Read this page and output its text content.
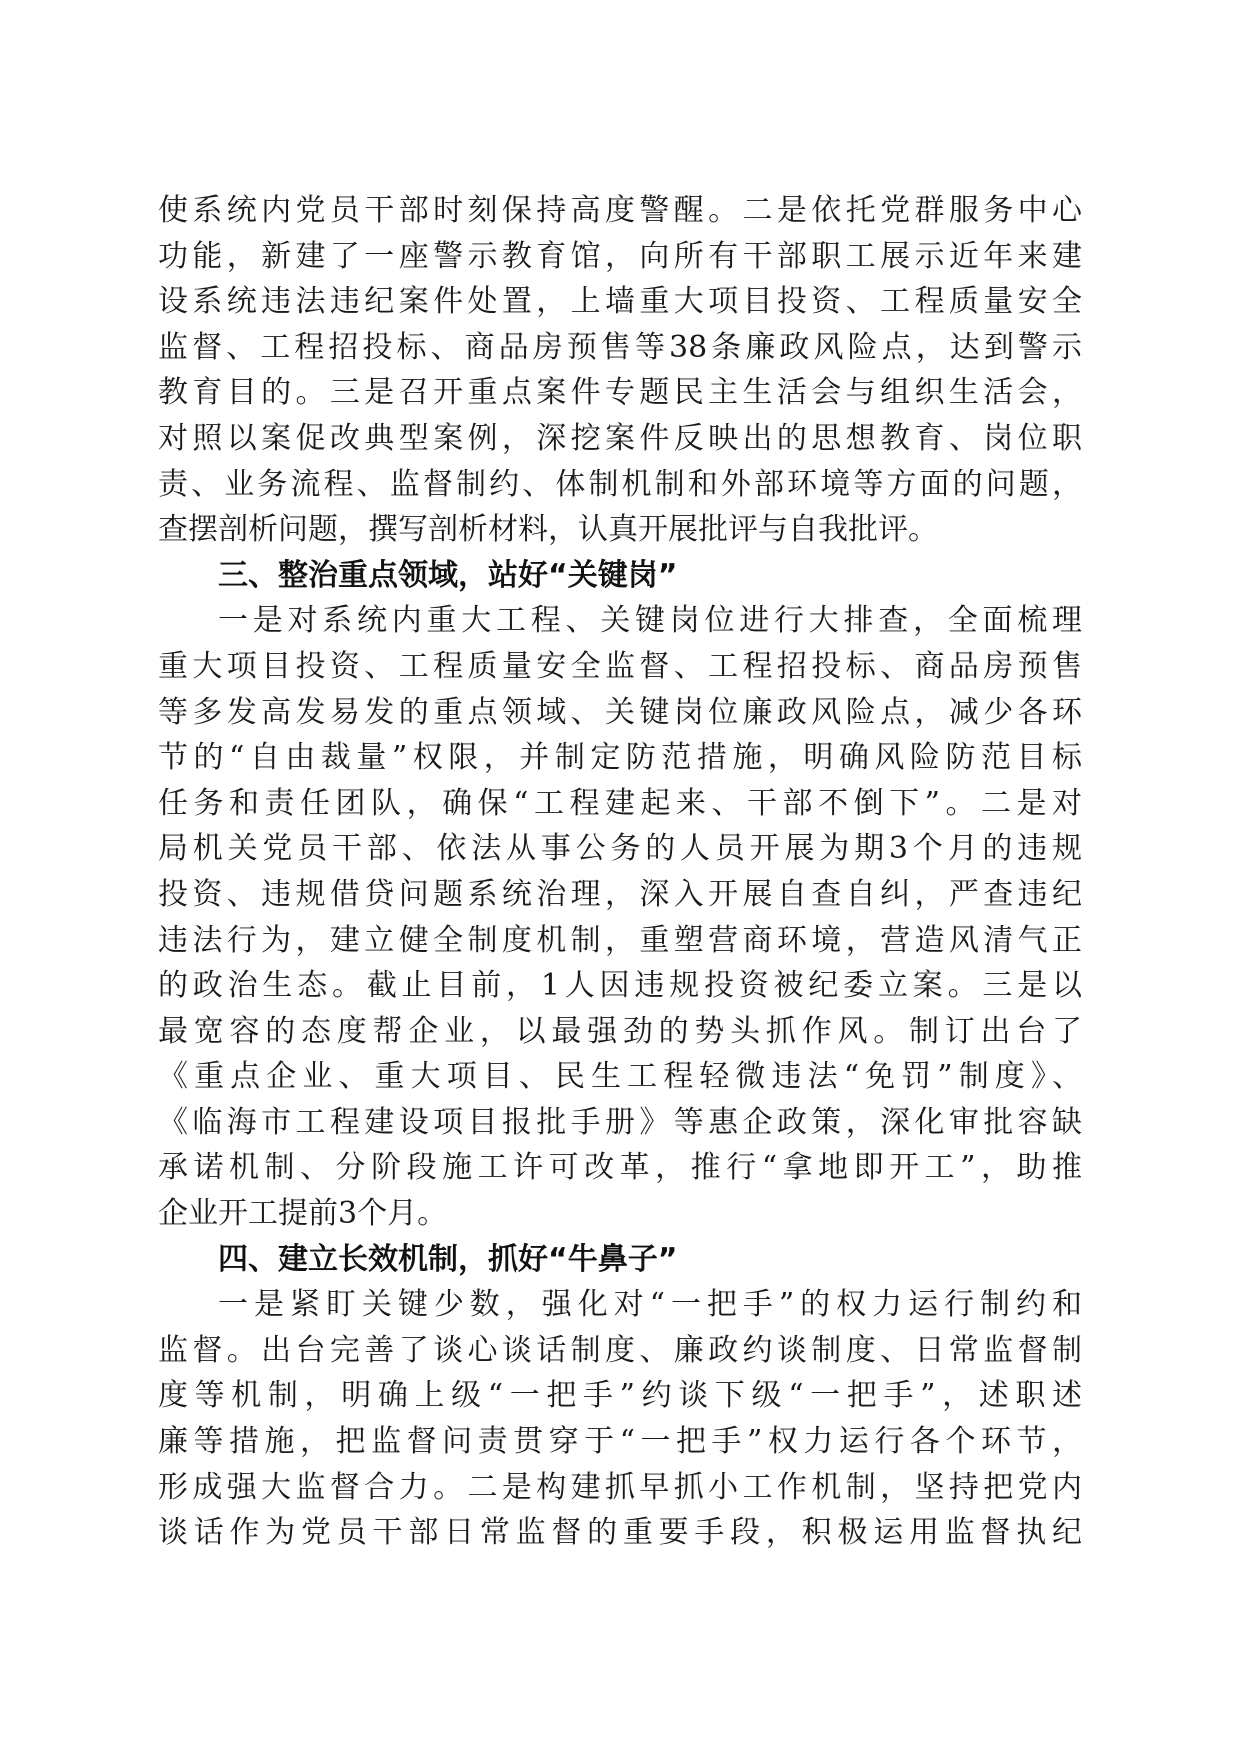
使系统内党员干部时刻保持高度警醒。二是依托党群服务中心
功能，新建了一座警示教育馆，向所有干部职工展示近年来建
设系统违法违纪案件处置，上墙重大项目投资、工程质量安全
监督、工程招投标、商品房预售等38条廉政风险点，达到警示
教育目的。三是召开重点案件专题民主生活会与组织生活会，
对照以案促改典型案例，深挖案件反映出的思想教育、岗位职
责、业务流程、监督制约、体制机制和外部环境等方面的问题，
查摆剖析问题，撰写剖析材料，认真开展批评与自我批评。
三、整治重点领域，站好“关键岗”
一是对系统内重大工程、关键岗位进行大排查，全面梳理
重大项目投资、工程质量安全监督、工程招投标、商品房预售
等多发高发易发的重点领域、关键岗位廉政风险点，减少各环
节的“自由裁量”权限，并制定防范措施，明确风险防范目标
任务和责任团队，确保“工程建起来、干部不倒下”。二是对
局机关党员干部、依法从事公务的人员开展为期3个月的违规
投资、违规借贷问题系统治理，深入开展自查自纠，严查违纪
违法行为，建立健全制度机制，重塑营商环境，营造风清气正
的政治生态。截止目前，1人因违规投资被纪委立案。三是以
最宽容的态度帮企业，以最强劲的势头抓作风。制订出台了
《重点企业、重大项目、民生工程轻微违法“免罚”制度》、
《临海市工程建设项目报批手册》等惠企政策，深化审批容缺
承诺机制、分阶段施工许可改革，推行“拿地即开工”，助推
企业开工提前3个月。
四、建立长效机制，抓好“牛鼻子”
一是紧盯关键少数，强化对“一把手”的权力运行制约和
监督。出台完善了谈心谈话制度、廉政约谈制度、日常监督制
度等机制，明确上级“一把手”约谈下级“一把手”，述职述
廉等措施，把监督问责贯穿于“一把手”权力运行各个环节，
形成强大监督合力。二是构建抓早抓小工作机制，坚持把党内
谈话作为党员干部日常监督的重要手段，积极运用监督执纪
